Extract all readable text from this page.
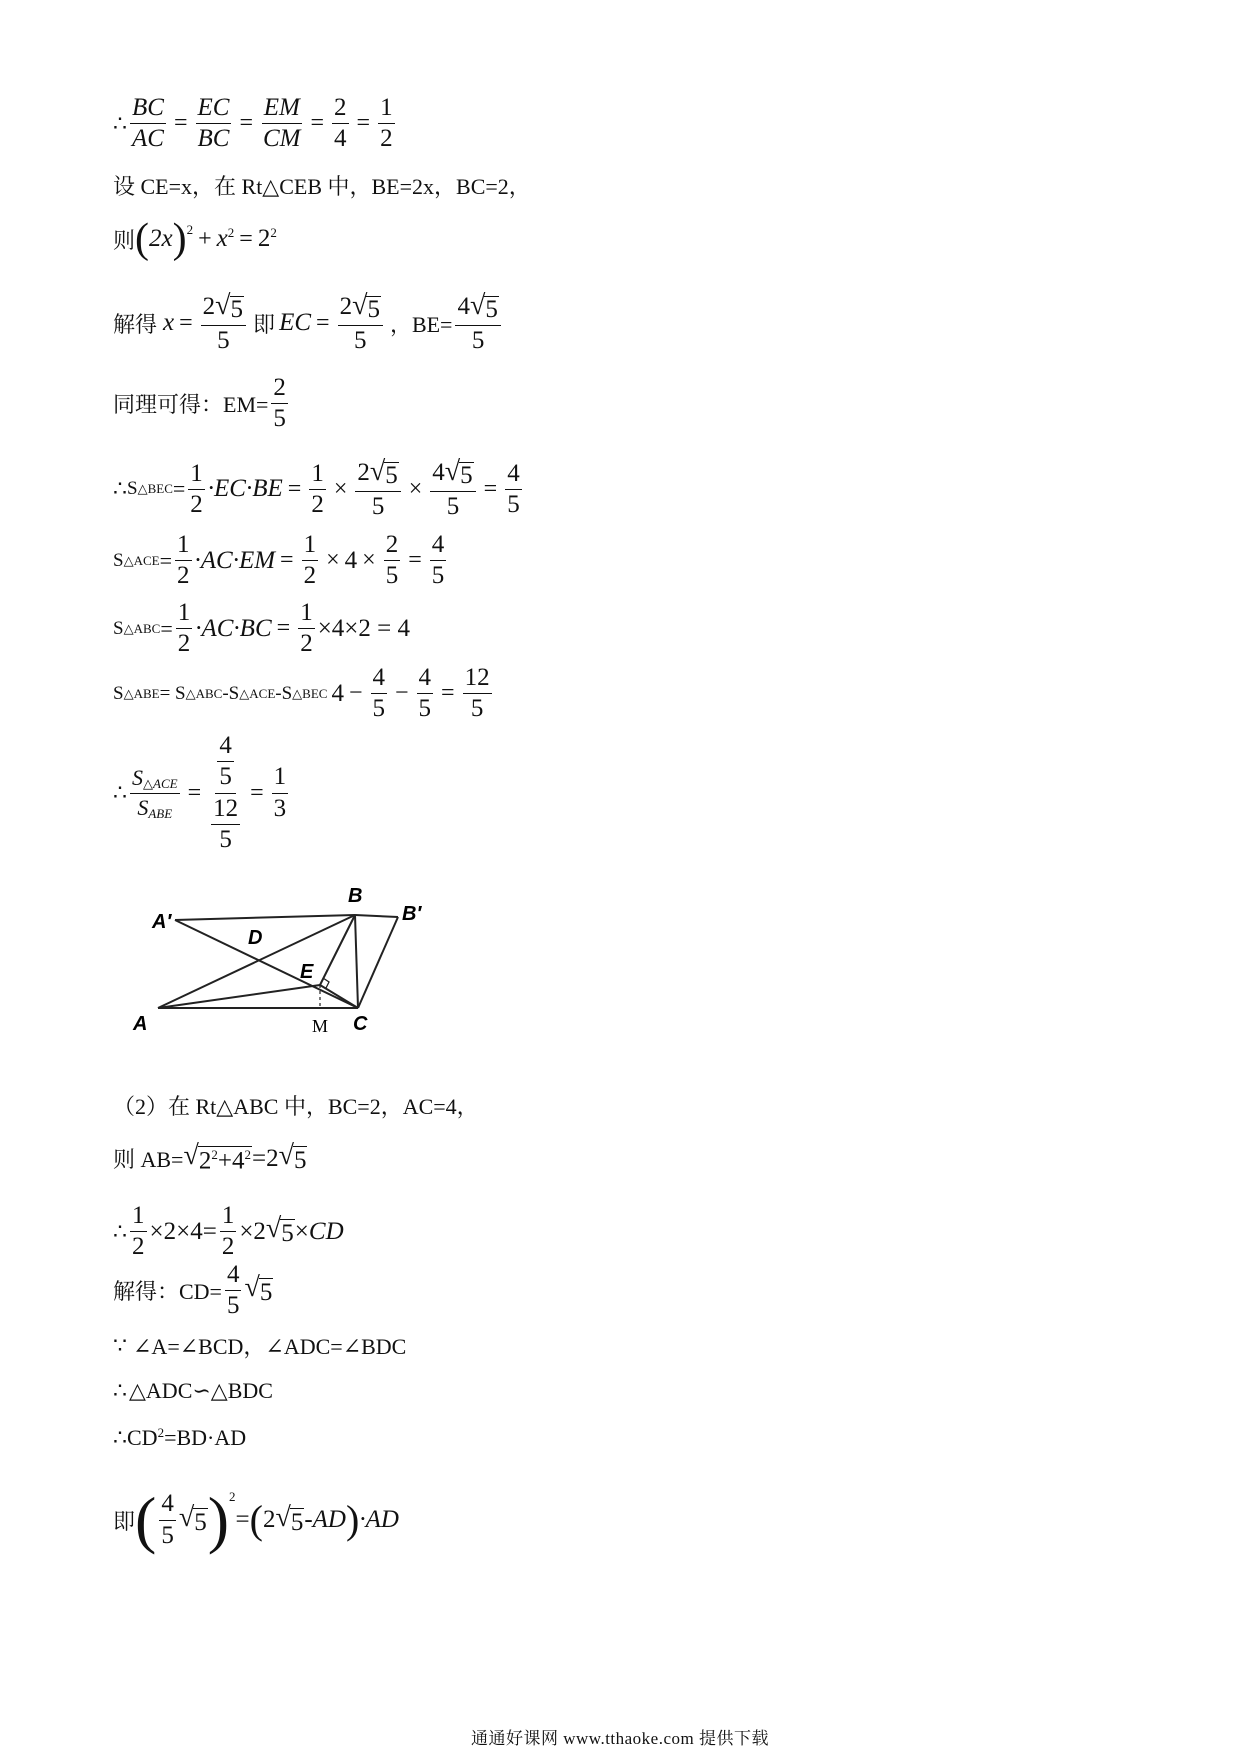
∴ $\frac{BC}{AC} = \frac{EC}{BC} = \frac{EM}{CM} = \frac{2}{4} = \frac{1}{2}$
设 CE=x，在 Rt△CEB 中，BE=2x，BC=2，
则 ( 2x )$^2 + x^2 = 2^2$
解得 $x = \frac{2 √ 5}{5}$ 即 EC = $\frac{2 √ 5}{5}$ ，$BE= \frac{4 √ 5}{5}$
同理可得：$EM= \frac{2}{5}$
∴ S △BEC = $\frac{1}{2} \cdot EC\cdot BE = \frac{1}{2} \times \frac{2 √ 5}{5} \times \frac{4 √ 5}{5} = \frac{4}{5}$
S △ACE = $\frac{1}{2} \cdot AC\cdot EM = \frac{1}{2} \times 4 \times \frac{2}{5} = \frac{4}{5}$
S △ABC = $\frac{1}{2} \cdot AC\cdot BC = \frac{1}{2} \times 4\times 2 = 4$
S △ABE = S △ABC -S △ACE -S △BEC $4 - \frac{4}{5} - \frac{4}{5} = \frac{12}{5}$
∴ $\frac{S_{\triangle ACE}}{S_{ABE}} = \frac{\frac{4}{5}}{\frac{12}{5}} = \frac{1}{3}$
A′
B
B′
D
E
A	M C
（2）在 Rt△ABC 中，BC=2，AC=4，
则 AB= √ $2^2+4^2 =2$ √ 5
∴ $\frac{1}{2} \times 2\times 4= \frac{1}{2} \times 2$ √ 5 × CD
解得：$CD= \frac{4}{5}$ √ 5
∵ ∠A=∠BCD，∠ADC=∠BDC
∴ △ADC∽△BDC
∴ $CD^2 =BD\cdot AD$
即 ( $\frac{4}{5}$ √ 5 )$^2$
= ( 2 √ 5 -AD ) ·AD
通通好课网 www.tthaoke.com 提供下载
